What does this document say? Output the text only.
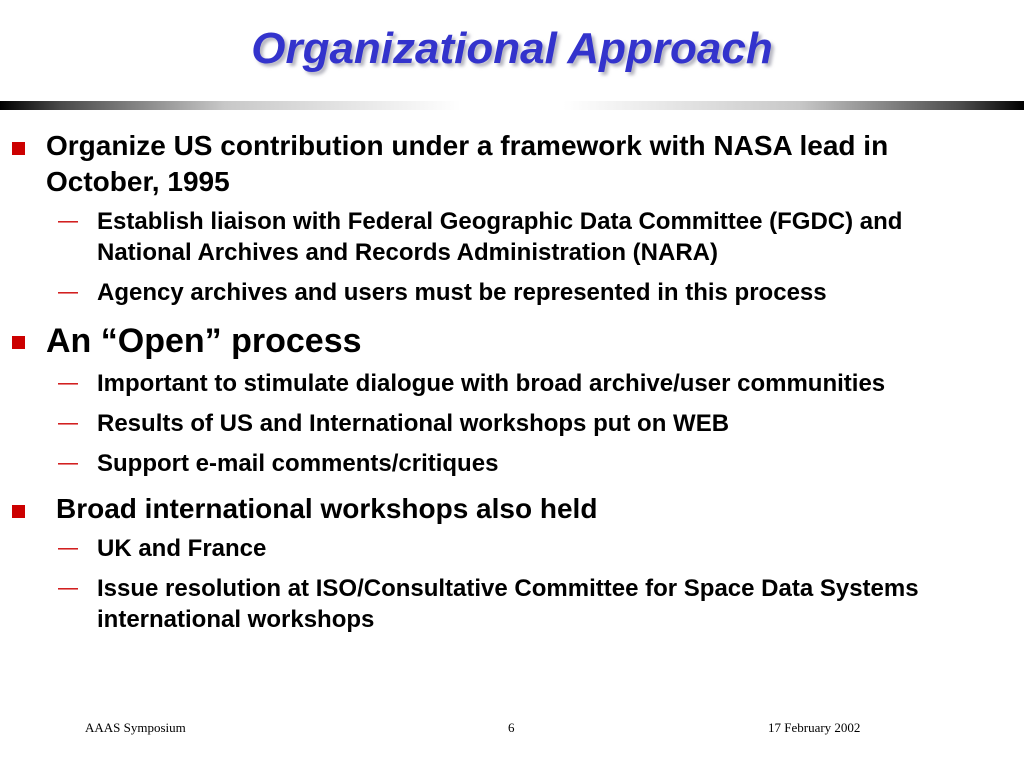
Organizational Approach
Organize US contribution under a framework with NASA lead in October, 1995
— Establish liaison with Federal Geographic Data Committee (FGDC) and National Archives and Records Administration (NARA)
— Agency archives and users must be represented in this process
An “Open” process
— Important to stimulate dialogue with broad archive/user communities
— Results of US and International workshops put on WEB
— Support e-mail comments/critiques
Broad international workshops also held
— UK and France
— Issue resolution at ISO/Consultative Committee for Space Data Systems international workshops
AAAS Symposium	6	17 February 2002
